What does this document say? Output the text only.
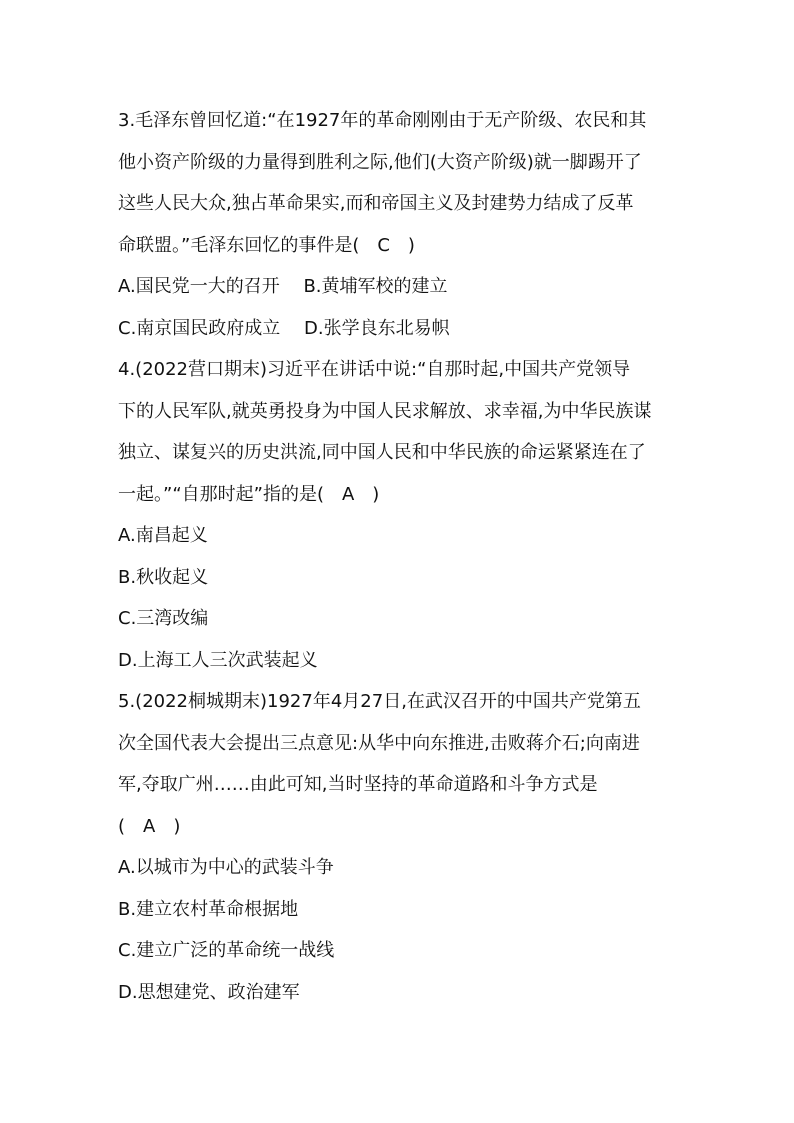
3.毛泽东曾回忆道:“在1927年的革命刚刚由于无产阶级、农民和其
他小资产阶级的力量得到胜利之际,他们(大资产阶级)就一脚踢开了
这些人民大众,独占革命果实,而和帝国主义及封建势力结成了反革
命联盟。”毛泽东回忆的事件是(　C　)
A.国民党一大的召开　 B.黄埔军校的建立
C.南京国民政府成立　 D.张学良东北易帜
4.(2022营口期末)习近平在讲话中说:“自那时起,中国共产党领导
下的人民军队,就英勇投身为中国人民求解放、求幸福,为中华民族谋
独立、谋复兴的历史洪流,同中国人民和中华民族的命运紧紧连在了
一起。”“自那时起”指的是(　A　)
A.南昌起义
B.秋收起义
C.三湾改编
D.上海工人三次武装起义
5.(2022桐城期末)1927年4月27日,在武汉召开的中国共产党第五
次全国代表大会提出三点意见:从华中向东推进,击败蒋介石;向南进
军,夺取广州……由此可知,当时坚持的革命道路和斗争方式是
(　A　)
A.以城市为中心的武装斗争
B.建立农村革命根据地
C.建立广泛的革命统一战线
D.思想建党、政治建军
